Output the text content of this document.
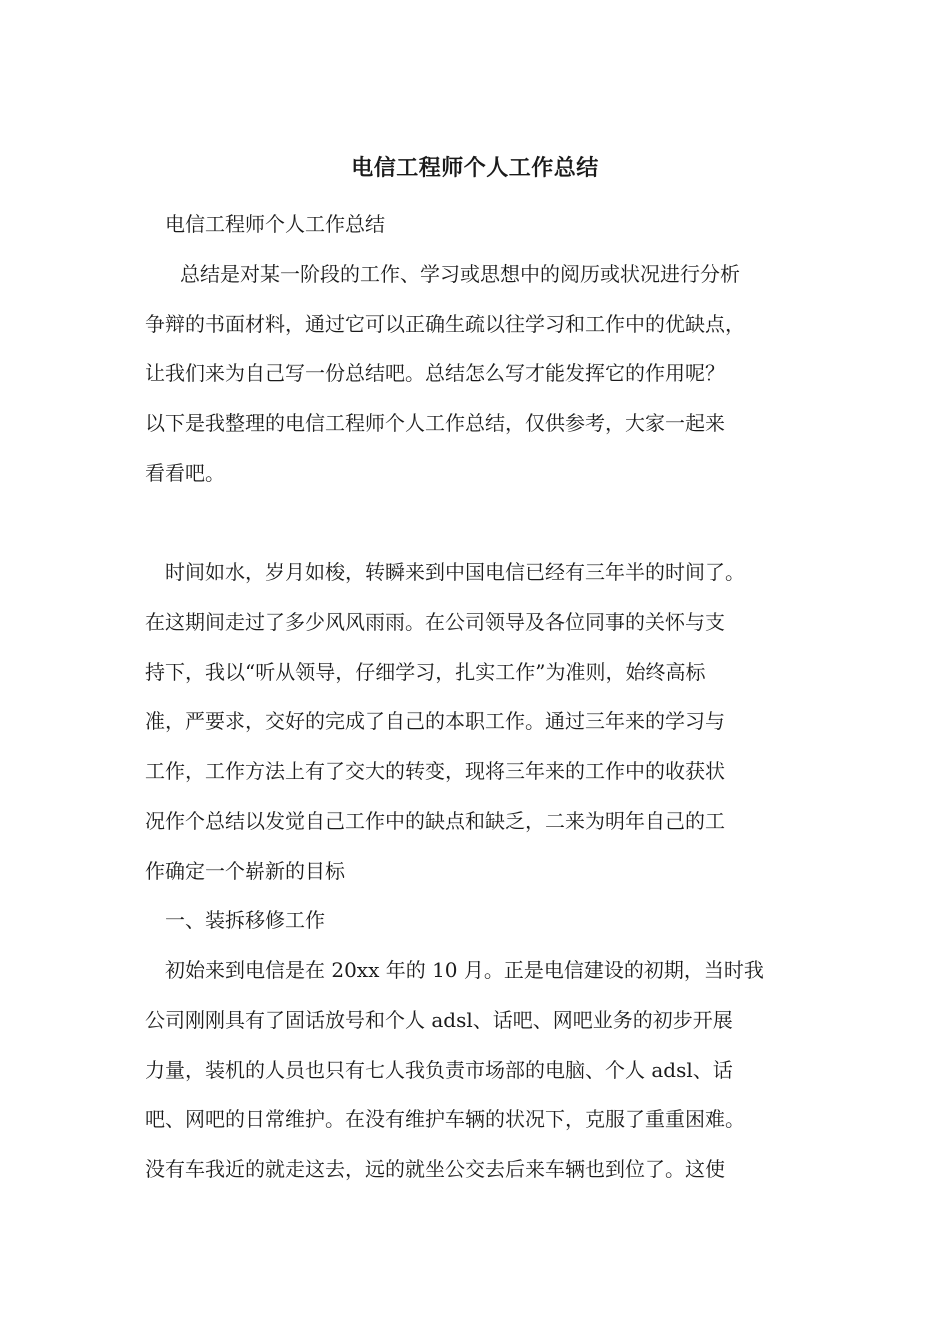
电信工程师个人工作总结
电信工程师个人工作总结
总结是对某一阶段的工作、学习或思想中的阅历或状况进行分析
争辩的书面材料，通过它可以正确生疏以往学习和工作中的优缺点，
让我们来为自己写一份总结吧。总结怎么写才能发挥它的作用呢？
以下是我整理的电信工程师个人工作总结，仅供参考，大家一起来
看看吧。
时间如水，岁月如梭，转瞬来到中国电信已经有三年半的时间了。
在这期间走过了多少风风雨雨。在公司领导及各位同事的关怀与支
持下，我以“听从领导，仔细学习，扎实工作”为准则，始终高标
准，严要求，交好的完成了自己的本职工作。通过三年来的学习与
工作，工作方法上有了交大的转变，现将三年来的工作中的收获状
况作个总结以发觉自己工作中的缺点和缺乏，二来为明年自己的工
作确定一个崭新的目标
一、装拆移修工作
初始来到电信是在 20xx 年的 10 月。正是电信建设的初期，当时我
公司刚刚具有了固话放号和个人 adsl、话吧、网吧业务的初步开展
力量，装机的人员也只有七人我负责市场部的电脑、个人 adsl、话
吧、网吧的日常维护。在没有维护车辆的状况下，克服了重重困难。
没有车我近的就走这去，远的就坐公交去后来车辆也到位了。这使
